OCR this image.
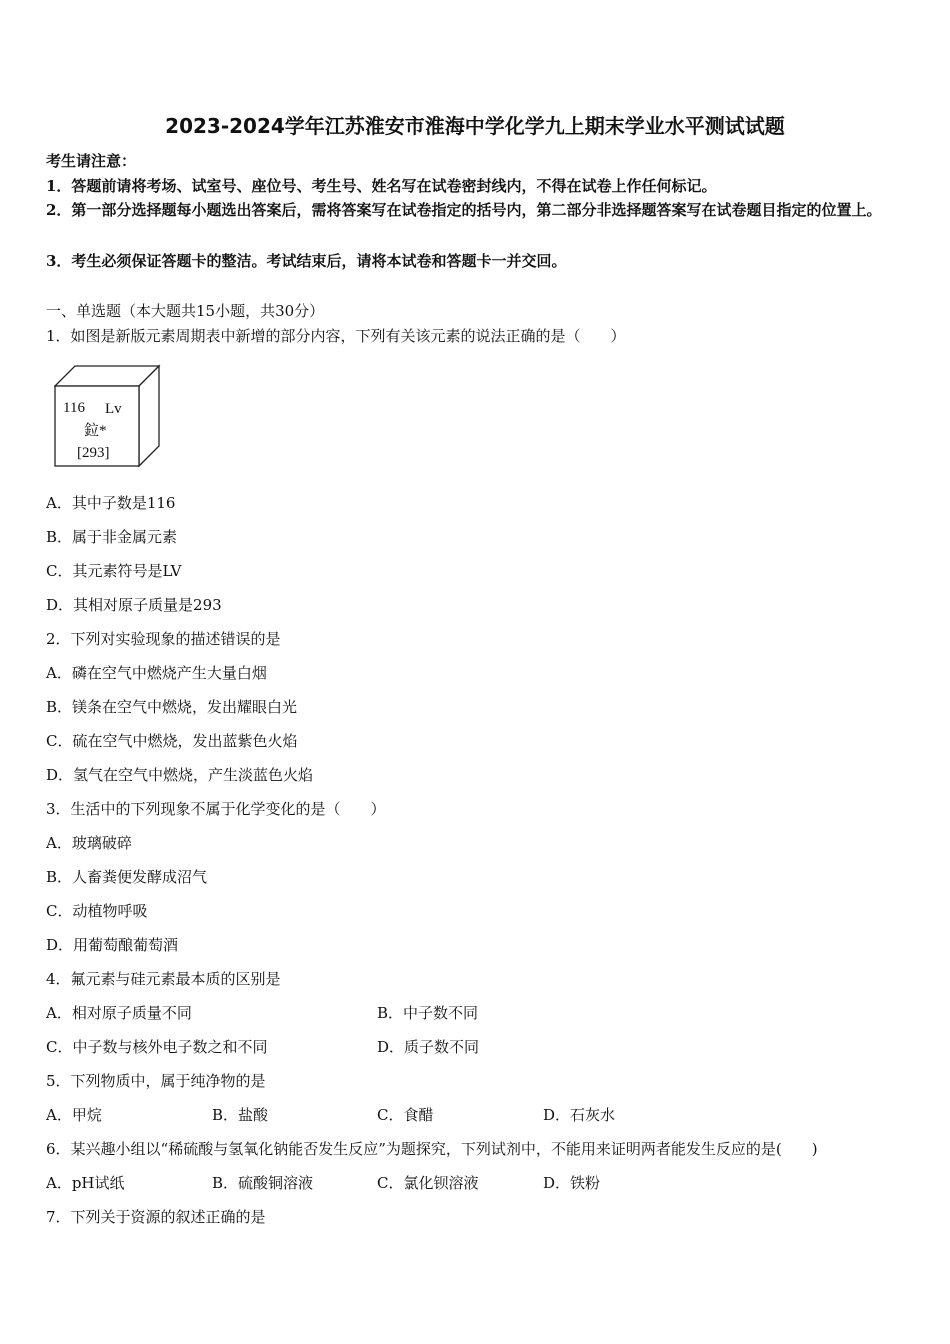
2023-2024学年江苏淮安市淮海中学化学九上期末学业水平测试试题
考生请注意：
1．答题前请将考场、试室号、座位号、考生号、姓名写在试卷密封线内，不得在试卷上作任何标记。
2．第一部分选择题每小题选出答案后，需将答案写在试卷指定的括号内，第二部分非选择题答案写在试卷题目指定的位置上。
3．考生必须保证答题卡的整洁。考试结束后，请将本试卷和答题卡一并交回。
一、单选题（本大题共15小题，共30分）
1．如图是新版元素周期表中新增的部分内容，下列有关该元素的说法正确的是（　　）
116 Lv
鉝*
[293]
A．其中子数是116
B．属于非金属元素
C．其元素符号是LV
D．其相对原子质量是293
2．下列对实验现象的描述错误的是
A．磷在空气中燃烧产生大量白烟
B．镁条在空气中燃烧，发出耀眼白光
C．硫在空气中燃烧，发出蓝紫色火焰
D．氢气在空气中燃烧，产生淡蓝色火焰
3．生活中的下列现象不属于化学变化的是（　　）
A．玻璃破碎
B．人畜粪便发酵成沼气
C．动植物呼吸
D．用葡萄酿葡萄酒
4．氟元素与硅元素最本质的区别是
A．相对原子质量不同	B．中子数不同
C．中子数与核外电子数之和不同	D．质子数不同
5．下列物质中，属于纯净物的是
A．甲烷	B．盐酸	C．食醋	D．石灰水
6．某兴趣小组以“稀硫酸与氢氧化钠能否发生反应”为题探究，下列试剂中，不能用来证明两者能发生反应的是(　　)
A．pH试纸	B．硫酸铜溶液	C．氯化钡溶液	D．铁粉
7．下列关于资源的叙述正确的是
